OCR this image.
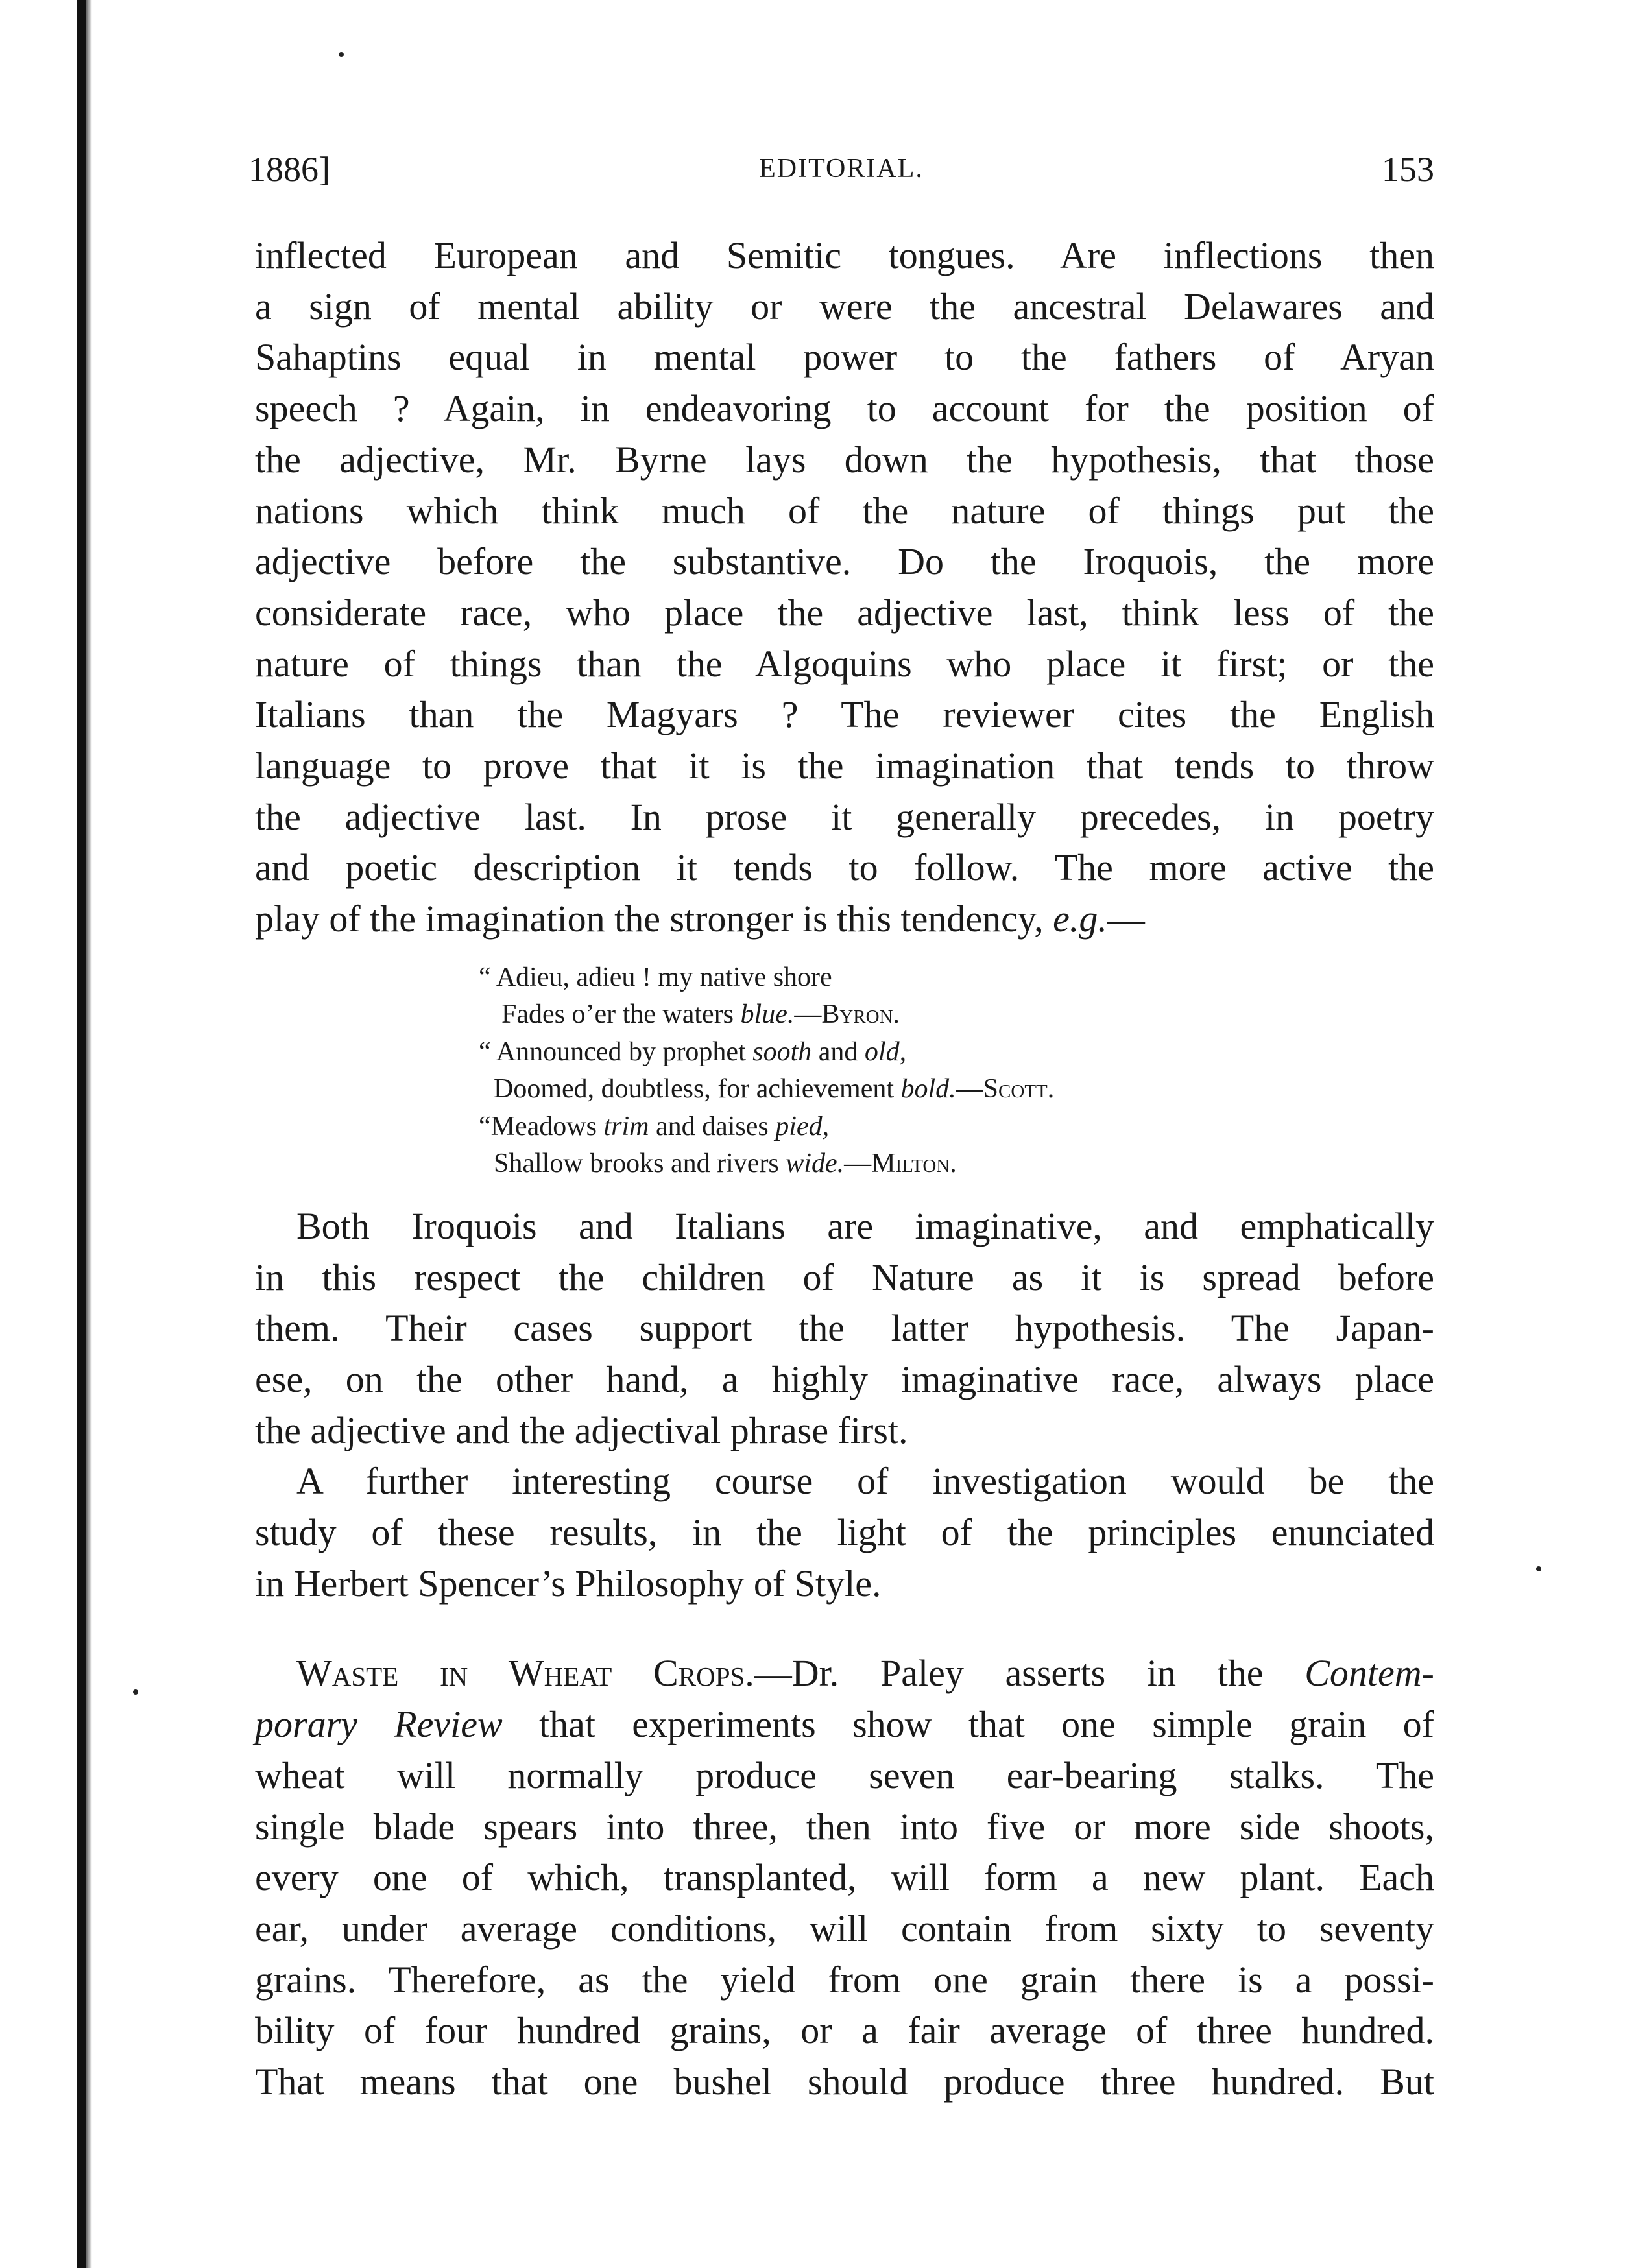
1886]	EDITORIAL.	153

inflected European and Semitic tongues. Are inflections then
a sign of mental ability or were the ancestral Delawares and
Sahaptins equal in mental power to the fathers of Aryan
speech ? Again, in endeavoring to account for the position of
the adjective, Mr. Byrne lays down the hypothesis, that those
nations which think much of the nature of things put the
adjective before the substantive. Do the Iroquois, the more
considerate race, who place the adjective last, think less of the
nature of things than the Algoquins who place it first; or the
Italians than the Magyars ? The reviewer cites the English
language to prove that it is the imagination that tends to throw
the adjective last. In prose it generally precedes, in poetry
and poetic description it tends to follow. The more active the
play of the imagination the stronger is this tendency, e.g.—

“ Adieu, adieu ! my native shore
Fades o’er the waters blue.—Byron.
“ Announced by prophet sooth and old,
Doomed, doubtless, for achievement bold.—Scott.
“Meadows trim and daises pied,
Shallow brooks and rivers wide.—Milton.

Both Iroquois and Italians are imaginative, and emphatically
in this respect the children of Nature as it is spread before
them. Their cases support the latter hypothesis. The Japan-
ese, on the other hand, a highly imaginative race, always place
the adjective and the adjectival phrase first.

A further interesting course of investigation would be the
study of these results, in the light of the principles enunciated
in Herbert Spencer’s Philosophy of Style.

Waste in Wheat Crops.—Dr. Paley asserts in the Contem-
porary Review that experiments show that one simple grain of
wheat will normally produce seven ear-bearing stalks. The
single blade spears into three, then into five or more side shoots,
every one of which, transplanted, will form a new plant. Each
ear, under average conditions, will contain from sixty to seventy
grains. Therefore, as the yield from one grain there is a possi-
bility of four hundred grains, or a fair average of three hundred.
That means that one bushel should produce three hundred. But
